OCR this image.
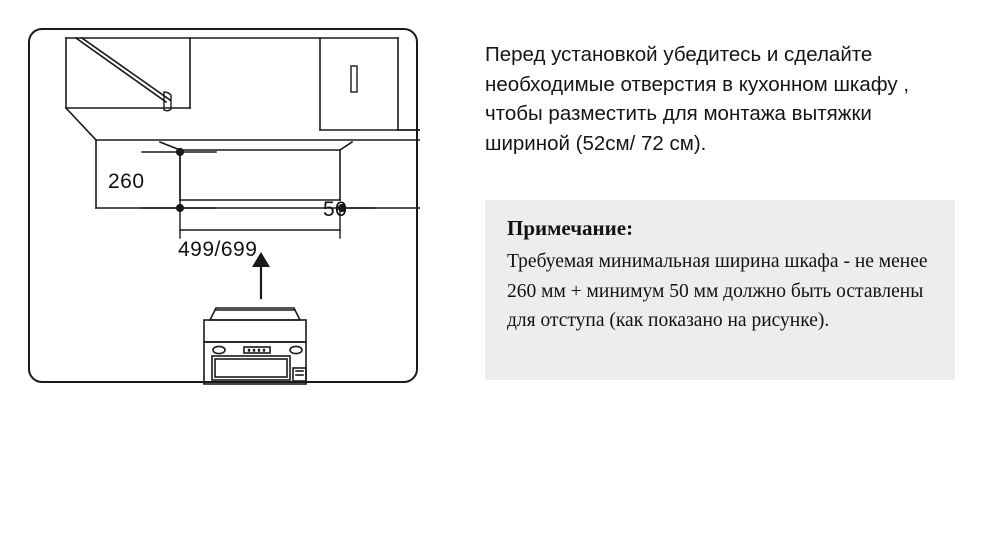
260
50
499/699

Перед установкой убедитесь и сделайте необходимые отверстия в кухонном шкафу , чтобы разместить для монтажа вытяжки шириной (52см/ 72 см).

Примечание:

Требуемая минимальная ширина шкафа - не менее 260 мм + минимум 50 мм должно быть оставлены для отступа (как показано на рисунке).
